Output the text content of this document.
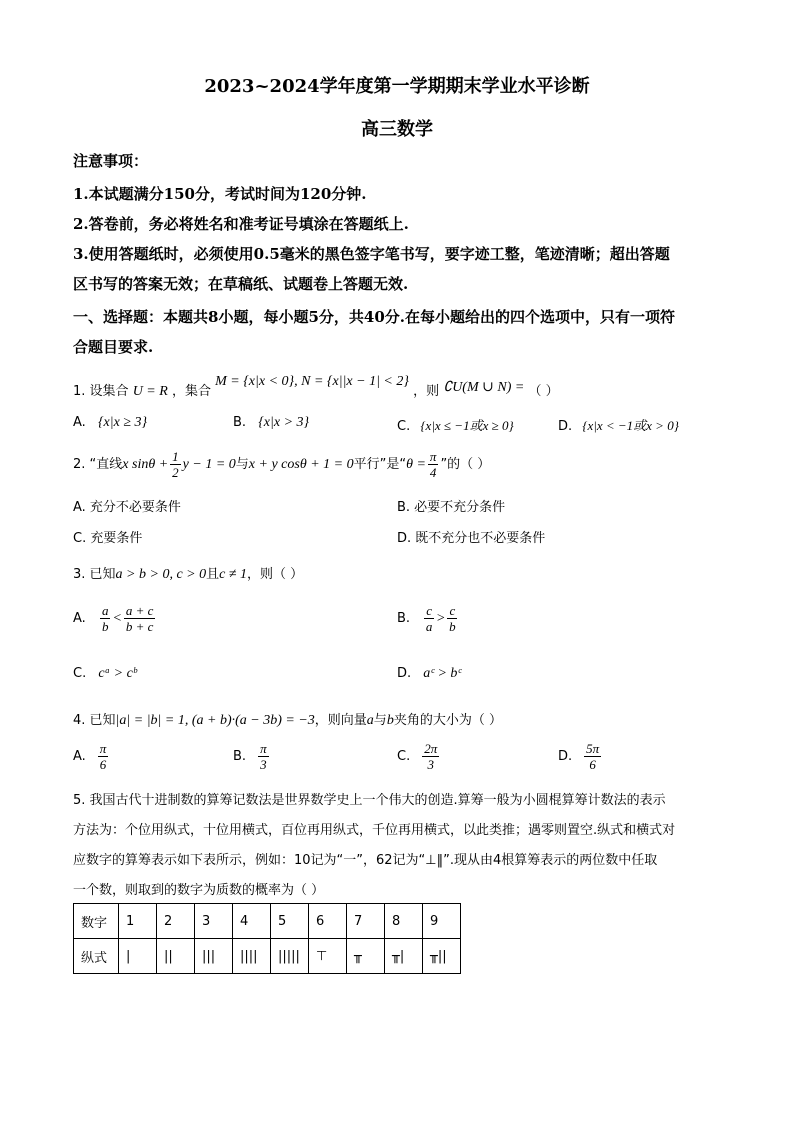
2023~2024学年度第一学期期末学业水平诊断
高三数学
注意事项：
1.本试题满分150分，考试时间为120分钟.
2.答卷前，务必将姓名和准考证号填涂在答题纸上.
3.使用答题纸时，必须使用0.5毫米的黑色签字笔书写，要字迹工整，笔迹清晰；超出答题
区书写的答案无效；在草稿纸、试题卷上答题无效.
一、选择题：本题共8小题，每小题5分，共40分.在每小题给出的四个选项中，只有一项符
合题目要求.
1. 设集合 U = R ，集合 M = {x|x < 0}, N = {x||x − 1| < 2} ，则 ∁U(M ∪ N) = （ ）
A. {x|x ≥ 3}	B. {x|x > 3}	C. {x|x ≤ −1或x ≥ 0}	D. {x|x < −1或x > 0}
2. “直线x $\sin\theta + \frac{1}{2}$ y − 1 = 0与x + y cosθ + 1 = 0平行”是“$\theta = \frac{\pi}{4}$ ”的（ ）
A. 充分不必要条件	B. 必要不充分条件
C. 充要条件	D. 既不充分也不必要条件
3. 已知a > b > 0, c > 0且c ≠ 1，则（ ）
A. $\frac{a}{b} < \frac{a + c}{b + c}$	B. $\frac{c}{a} > \frac{c}{b}$
C. cᵃ > cᵇ	D. aᶜ > bᶜ
4. 已知|a| = |b| = 1, (a + b)·(a − 3b) = −3，则向量a与b夹角的大小为（ ）
A. $\frac{\pi}{6}$	B. $\frac{\pi}{3}$	C. $\frac{2\pi}{3}$	D. $\frac{5\pi}{6}$
5. 我国古代十进制数的算筹记数法是世界数学史上一个伟大的创造.算筹一般为小圆棍算筹计数法的表示
方法为：个位用纵式，十位用横式，百位再用纵式，千位再用横式，以此类推；遇零则置空.纵式和横式对
应数字的算筹表示如下表所示，例如：10记为“一”，62记为“⊥‖”.现从由4根算筹表示的两位数中任取
一个数，则取到的数字为质数的概率为（ ）
数字	1	2	3	4	5	6	7	8	9
纵式	|	||	|||	||||	|||||	⊤	╥	╥|	╥||
